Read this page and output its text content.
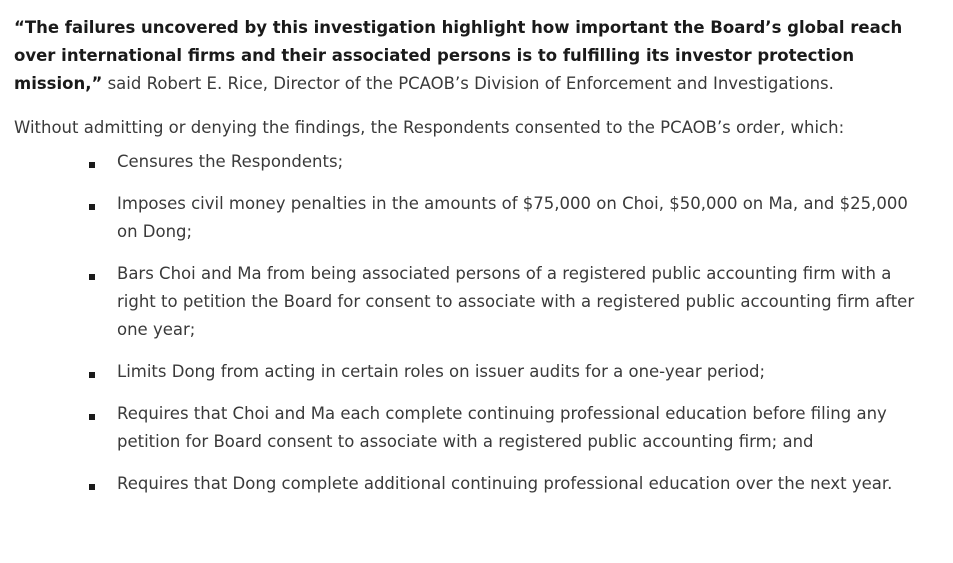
“The failures uncovered by this investigation highlight how important the Board’s global reach over international firms and their associated persons is to fulfilling its investor protection mission,” said Robert E. Rice, Director of the PCAOB’s Division of Enforcement and Investigations.

Without admitting or denying the findings, the Respondents consented to the PCAOB’s order, which:

Censures the Respondents;
Imposes civil money penalties in the amounts of $75,000 on Choi, $50,000 on Ma, and $25,000 on Dong;
Bars Choi and Ma from being associated persons of a registered public accounting firm with a right to petition the Board for consent to associate with a registered public accounting firm after one year;
Limits Dong from acting in certain roles on issuer audits for a one-year period;
Requires that Choi and Ma each complete continuing professional education before filing any petition for Board consent to associate with a registered public accounting firm; and
Requires that Dong complete additional continuing professional education over the next year.
